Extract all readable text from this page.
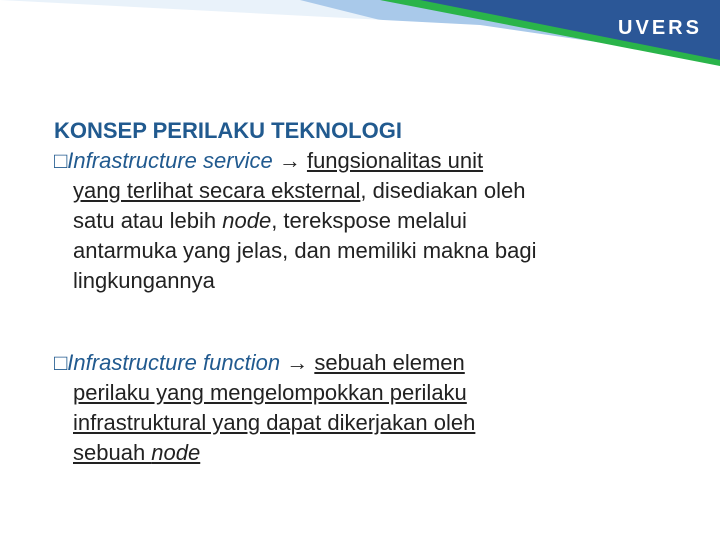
UVERS
KONSEP PERILAKU TEKNOLOGI
□Infrastructure service → fungsionalitas unit
yang terlihat secara eksternal, disediakan oleh
satu atau lebih node, terekspose melalui
antarmuka yang jelas, dan memiliki makna bagi
lingkungannya
□Infrastructure function → sebuah elemen
perilaku yang mengelompokkan perilaku
infrastruktural yang dapat dikerjakan oleh
sebuah node
